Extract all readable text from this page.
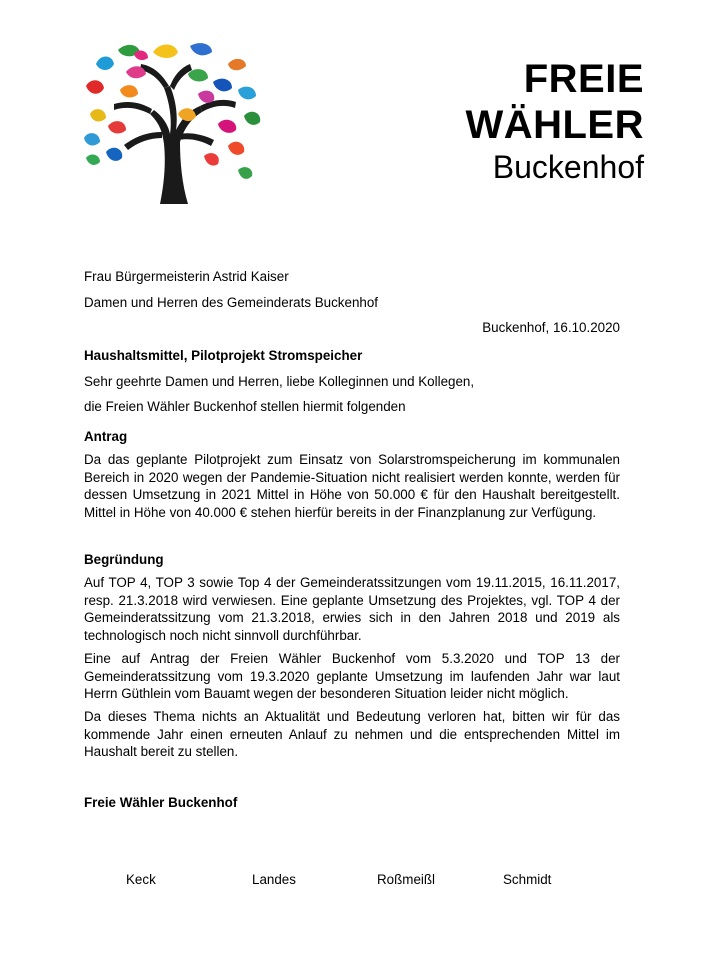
FREIE
WÄHLER
Buckenhof
Frau Bürgermeisterin Astrid Kaiser
Damen und Herren des Gemeinderats Buckenhof
Buckenhof, 16.10.2020
Haushaltsmittel, Pilotprojekt Stromspeicher
Sehr geehrte Damen und Herren, liebe Kolleginnen und Kollegen,
die Freien Wähler Buckenhof stellen hiermit folgenden
Antrag
Da das geplante Pilotprojekt zum Einsatz von Solarstromspeicherung im kommunalen Bereich in 2020 wegen der Pandemie-Situation nicht realisiert werden konnte, werden für dessen Umsetzung in 2021 Mittel in Höhe von 50.000 € für den Haushalt bereitgestellt. Mittel in Höhe von 40.000 € stehen hierfür bereits in der Finanzplanung zur Verfügung.
Begründung
Auf TOP 4, TOP 3 sowie Top 4 der Gemeinderatssitzungen vom 19.11.2015, 16.11.2017, resp. 21.3.2018 wird verwiesen. Eine geplante Umsetzung des Projektes, vgl. TOP 4 der Gemeinderatssitzung vom 21.3.2018, erwies sich in den Jahren 2018 und 2019 als technologisch noch nicht sinnvoll durchführbar.
Eine auf Antrag der Freien Wähler Buckenhof vom 5.3.2020 und TOP 13 der Gemeinderatssitzung vom 19.3.2020 geplante Umsetzung im laufenden Jahr war laut Herrn Güthlein vom Bauamt wegen der besonderen Situation leider nicht möglich.
Da dieses Thema nichts an Aktualität und Bedeutung verloren hat, bitten wir für das kommende Jahr einen erneuten Anlauf zu nehmen und die entsprechenden Mittel im Haushalt bereit zu stellen.
Freie Wähler Buckenhof
Keck	Landes	Roßmeißl	Schmidt
